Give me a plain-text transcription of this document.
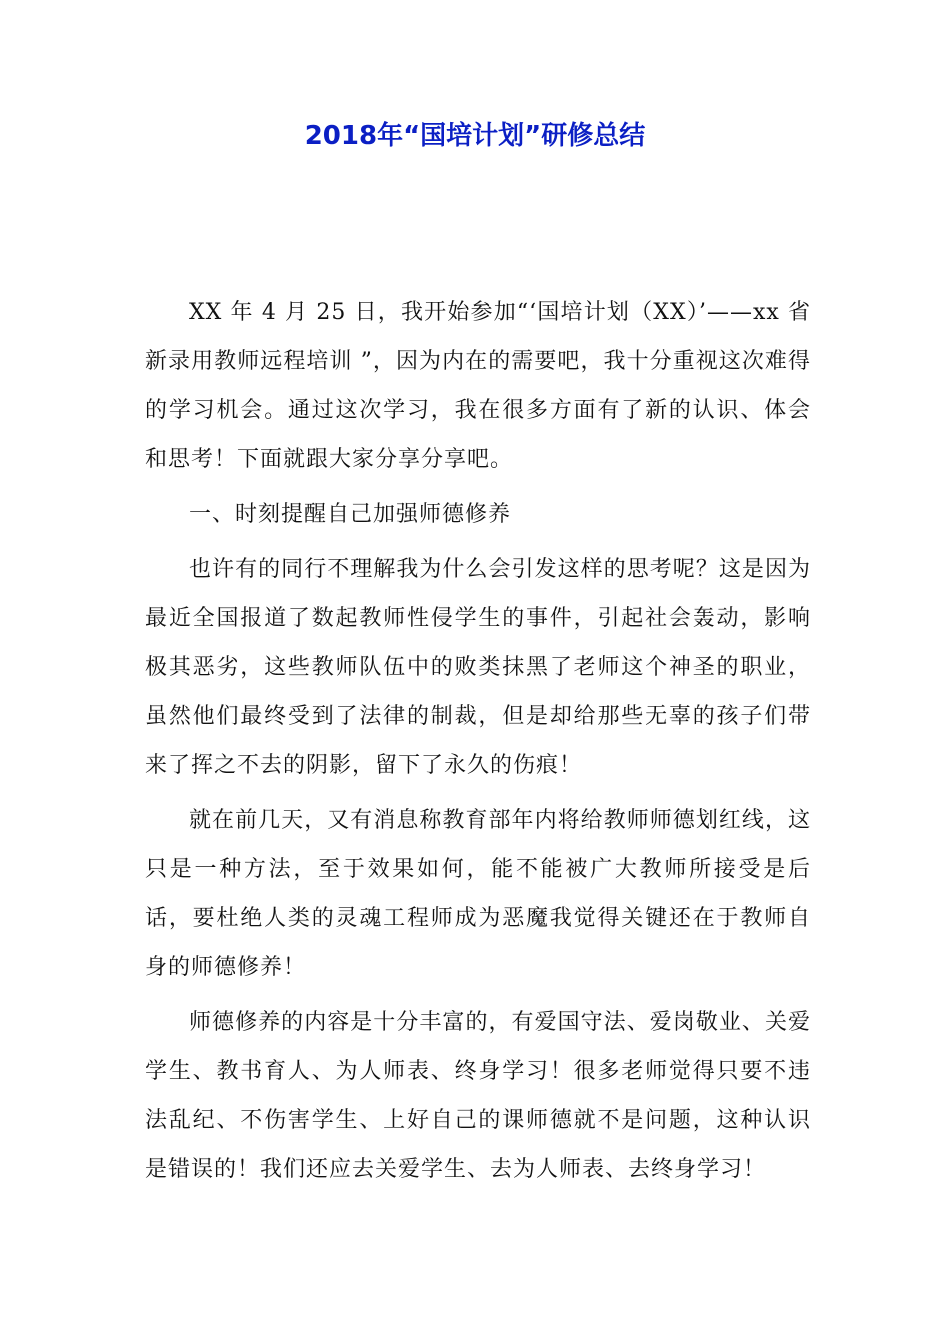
2018年“国培计划”研修总结

XX 年 4 月 25 日，我开始参加“‘国培计划（XX）’——xx 省新录用教师远程培训 ”，因为内在的需要吧，我十分重视这次难得的学习机会。通过这次学习，我在很多方面有了新的认识、体会和思考！下面就跟大家分享分享吧。

一、时刻提醒自己加强师德修养

也许有的同行不理解我为什么会引发这样的思考呢？这是因为最近全国报道了数起教师性侵学生的事件，引起社会轰动，影响极其恶劣，这些教师队伍中的败类抹黑了老师这个神圣的职业，虽然他们最终受到了法律的制裁，但是却给那些无辜的孩子们带来了挥之不去的阴影，留下了永久的伤痕！

就在前几天，又有消息称教育部年内将给教师师德划红线，这只是一种方法，至于效果如何，能不能被广大教师所接受是后话，要杜绝人类的灵魂工程师成为恶魔我觉得关键还在于教师自身的师德修养！

师德修养的内容是十分丰富的，有爱国守法、爱岗敬业、关爱学生、教书育人、为人师表、终身学习！很多老师觉得只要不违法乱纪、不伤害学生、上好自己的课师德就不是问题，这种认识是错误的！我们还应去关爱学生、去为人师表、去终身学习！
